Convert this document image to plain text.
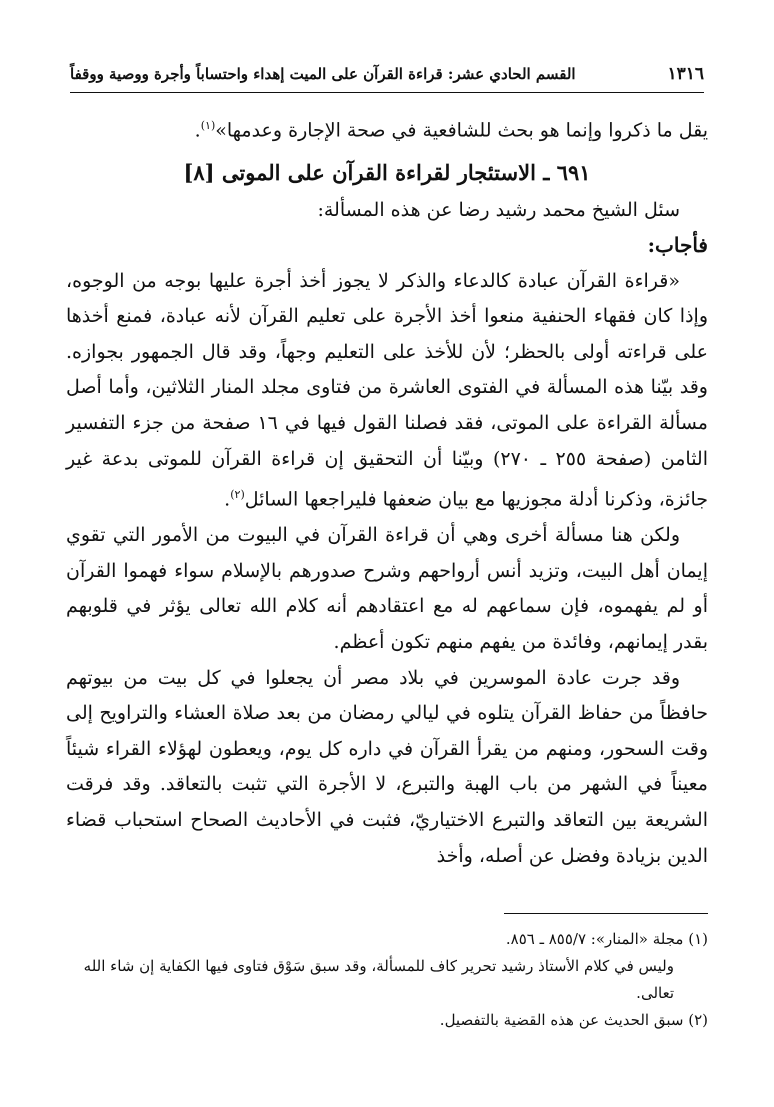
١٣١٦
القسم الحادي عشر: قراءة القرآن على الميت إهداء واحتساباً وأجرة ووصية ووقفاً

يقل ما ذكروا وإنما هو بحث للشافعية في صحة الإجارة وعدمها»$^{(١)}$.

٦٩١ ـ الاستئجار لقراءة القرآن على الموتى [٨]

سئل الشيخ محمد رشيد رضا عن هذه المسألة:

فأجاب:

«قراءة القرآن عبادة كالدعاء والذكر لا يجوز أخذ أجرة عليها بوجه من الوجوه، وإذا كان فقهاء الحنفية منعوا أخذ الأجرة على تعليم القرآن لأنه عبادة، فمنع أخذها على قراءته أولى بالحظر؛ لأن للأخذ على التعليم وجهاً، وقد قال الجمهور بجوازه. وقد بيّنا هذه المسألة في الفتوى العاشرة من فتاوى مجلد المنار الثلاثين، وأما أصل مسألة القراءة على الموتى، فقد فصلنا القول فيها في ١٦ صفحة من جزء التفسير الثامن (صفحة ٢٥٥ ـ ٢٧٠) وبيّنا أن التحقيق إن قراءة القرآن للموتى بدعة غير جائزة، وذكرنا أدلة مجوزيها مع بيان ضعفها فليراجعها السائل$^{(٢)}$.

ولكن هنا مسألة أخرى وهي أن قراءة القرآن في البيوت من الأمور التي تقوي إيمان أهل البيت، وتزيد أنس أرواحهم وشرح صدورهم بالإسلام سواء فهموا القرآن أو لم يفهموه، فإن سماعهم له مع اعتقادهم أنه كلام الله تعالى يؤثر في قلوبهم بقدر إيمانهم، وفائدة من يفهم منهم تكون أعظم.

وقد جرت عادة الموسرين في بلاد مصر أن يجعلوا في كل بيت من بيوتهم حافظاً من حفاظ القرآن يتلوه في ليالي رمضان من بعد صلاة العشاء والتراويح إلى وقت السحور، ومنهم من يقرأ القرآن في داره كل يوم، ويعطون لهؤلاء القراء شيئاً معيناً في الشهر من باب الهبة والتبرع، لا الأجرة التي تثبت بالتعاقد. وقد فرقت الشريعة بين التعاقد والتبرع الاختياريّ، فثبت في الأحاديث الصحاح استحباب قضاء الدين بزيادة وفضل عن أصله، وأخذ

(١) مجلة «المنار»: ٨٥٥/٧ ـ ٨٥٦.

وليس في كلام الأستاذ رشيد تحرير كاف للمسألة، وقد سبق سَوْق فتاوى فيها الكفاية إن شاء الله تعالى.

(٢) سبق الحديث عن هذه القضية بالتفصيل.
